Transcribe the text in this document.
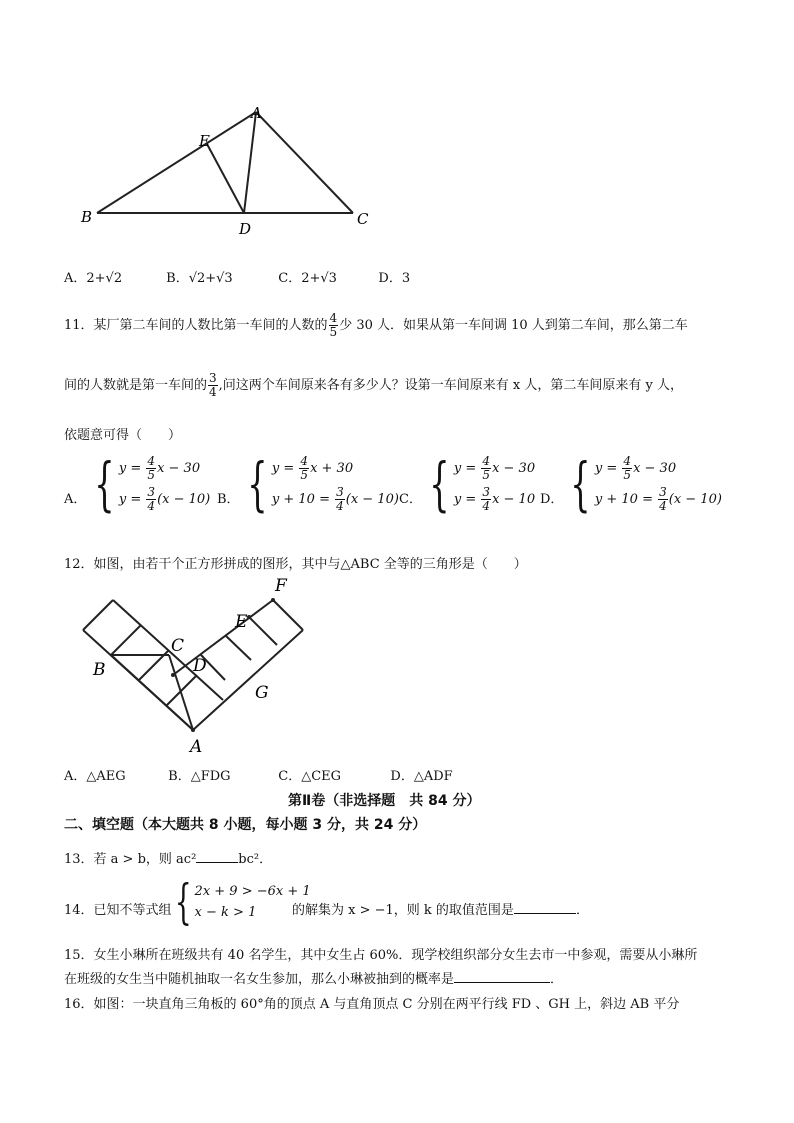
A
E
B
D
C
A．2+√2	B．√2+√3	C．2+√3	D．3
11．某厂第二车间的人数比第一车间的人数的 $\frac{4}{5}$ 少 30 人．如果从第一车间调 10 人到第二车间，那么第二车
间的人数就是第一车间的 $\frac{3}{4}$ ,问这两个车间原来各有多少人？设第一车间原来有 x 人，第二车间原来有 y 人，
依题意可得（　　）
A． { $y = \frac{4}{5}$ x − 30
$y = \frac{3}{4} (x - 10)$ B． { $y = \frac{4}{5}$ x + 30
$y + 10 = \frac{3}{4} (x - 10)$ C． { $y = \frac{4}{5}$ x − 30
$y = \frac{3}{4}$ x − 10 D． { $y = \frac{4}{5}$ x − 30
$y + 10 = \frac{3}{4} (x - 10)$
12．如图，由若干个正方形拼成的图形，其中与△ABC 全等的三角形是（　　）
F
E
C
D
B
G
A
A．△AEG	B．△FDG	C．△CEG	D．△ADF
第Ⅱ卷（非选择题　共 84 分）
二、填空题（本大题共 8 小题，每小题 3 分，共 24 分）
13．若 a > b，则 ac²	bc²．
14．已知不等式组 { 2x + 9 > −6x + 1
x − k > 1	的解集为 x > −1，则 k 的取值范围是	．
15．女生小琳所在班级共有 40 名学生，其中女生占 60%．现学校组织部分女生去市一中参观，需要从小琳所
在班级的女生当中随机抽取一名女生参加，那么小琳被抽到的概率是	．
16．如图：一块直角三角板的 60°角的顶点 A 与直角顶点 C 分别在两平行线 FD 、GH 上，斜边 AB 平分
